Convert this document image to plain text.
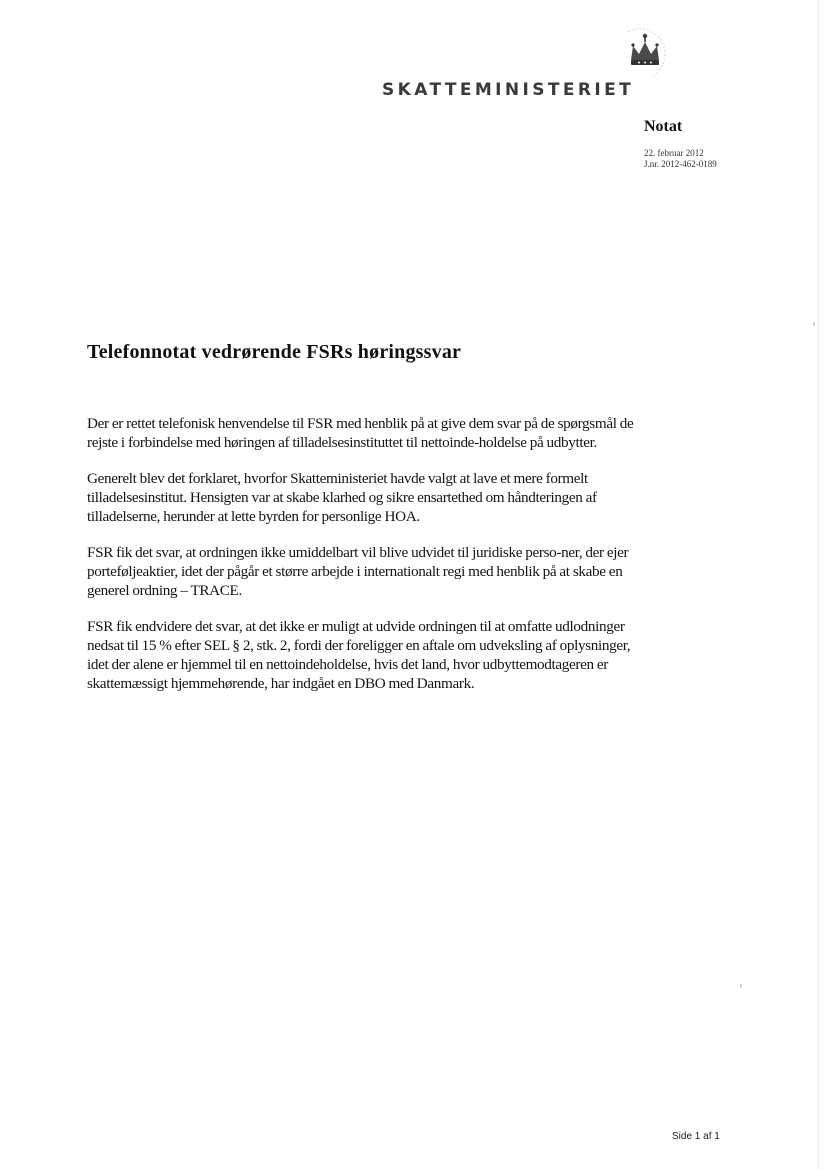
SKATTEMINISTERIET
Notat
22. februar 2012
J.nr. 2012-462-0189
Telefonnotat vedrørende FSRs høringssvar

Der er rettet telefonisk henvendelse til FSR med henblik på at give dem svar på de spørgsmål de rejste i forbindelse med høringen af tilladelsesinstituttet til nettoinde-holdelse på udbytter.

Generelt blev det forklaret, hvorfor Skatteministeriet havde valgt at lave et mere formelt tilladelsesinstitut. Hensigten var at skabe klarhed og sikre ensartethed om håndteringen af tilladelserne, herunder at lette byrden for personlige HOA.

FSR fik det svar, at ordningen ikke umiddelbart vil blive udvidet til juridiske perso-ner, der ejer porteføljeaktier, idet der pågår et større arbejde i internationalt regi med henblik på at skabe en generel ordning – TRACE.

FSR fik endvidere det svar, at det ikke er muligt at udvide ordningen til at omfatte udlodninger nedsat til 15 % efter SEL § 2, stk. 2, fordi der foreligger en aftale om udveksling af oplysninger, idet der alene er hjemmel til en nettoindeholdelse, hvis det land, hvor udbyttemodtageren er skattemæssigt hjemmehørende, har indgået en DBO med Danmark.

Side 1 af 1
